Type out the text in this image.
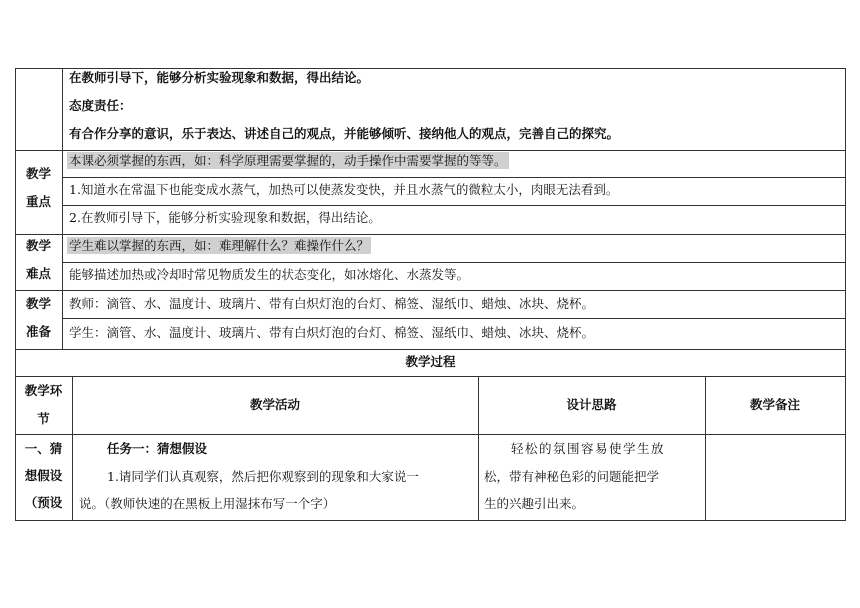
在教师引导下，能够分析实验现象和数据，得出结论。
态度责任：
有合作分享的意识，乐于表达、讲述自己的观点，并能够倾听、接纳他人的观点，完善自己的探究。
教学
重点
本课必须掌握的东西，如：科学原理需要掌握的，动手操作中需要掌握的等等。
1.知道水在常温下也能变成水蒸气，加热可以使蒸发变快，并且水蒸气的微粒太小，肉眼无法看到。
2.在教师引导下，能够分析实验现象和数据，得出结论。
教学
难点
学生难以掌握的东西，如：难理解什么？难操作什么？
能够描述加热或冷却时常见物质发生的状态变化，如冰熔化、水蒸发等。
教学
准备
教师：滴管、水、温度计、玻璃片、带有白炽灯泡的台灯、棉签、湿纸巾、蜡烛、冰块、烧杯。
学生：滴管、水、温度计、玻璃片、带有白炽灯泡的台灯、棉签、湿纸巾、蜡烛、冰块、烧杯。
教学过程
教学环
节
教学活动	设计思路	教学备注
一、猜
想假设
（预设
任务一：猜想假设
1.请同学们认真观察，然后把你观察到的现象和大家说一
说。（教师快速的在黑板上用湿抹布写一个字）
轻松的氛围容易使学生放
松，带有神秘色彩的问题能把学
生的兴趣引出来。
